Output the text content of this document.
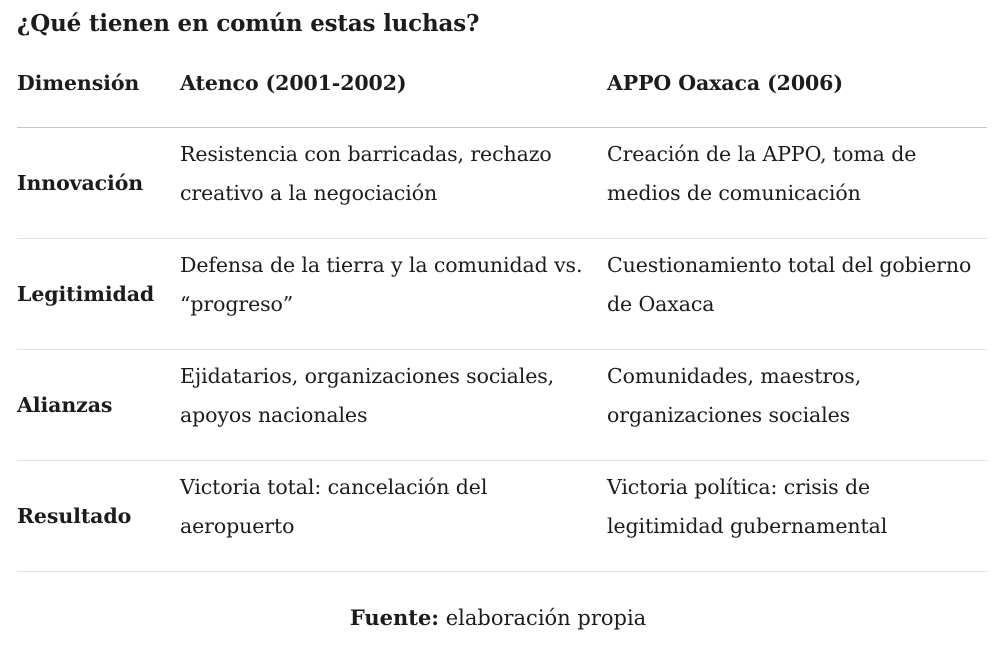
¿Qué tienen en común estas luchas?
Dimensión	Atenco (2001-2002)	APPO Oaxaca (2006)
Innovación
Resistencia con barricadas, rechazo creativo a la negociación
Creación de la APPO, toma de medios de comunicación
Legitimidad
Defensa de la tierra y la comunidad vs. “progreso”
Cuestionamiento total del gobierno de Oaxaca
Alianzas
Ejidatarios, organizaciones sociales, apoyos nacionales
Comunidades, maestros, organizaciones sociales
Resultado
Victoria total: cancelación del aeropuerto
Victoria política: crisis de legitimidad gubernamental
Fuente: elaboración propia
